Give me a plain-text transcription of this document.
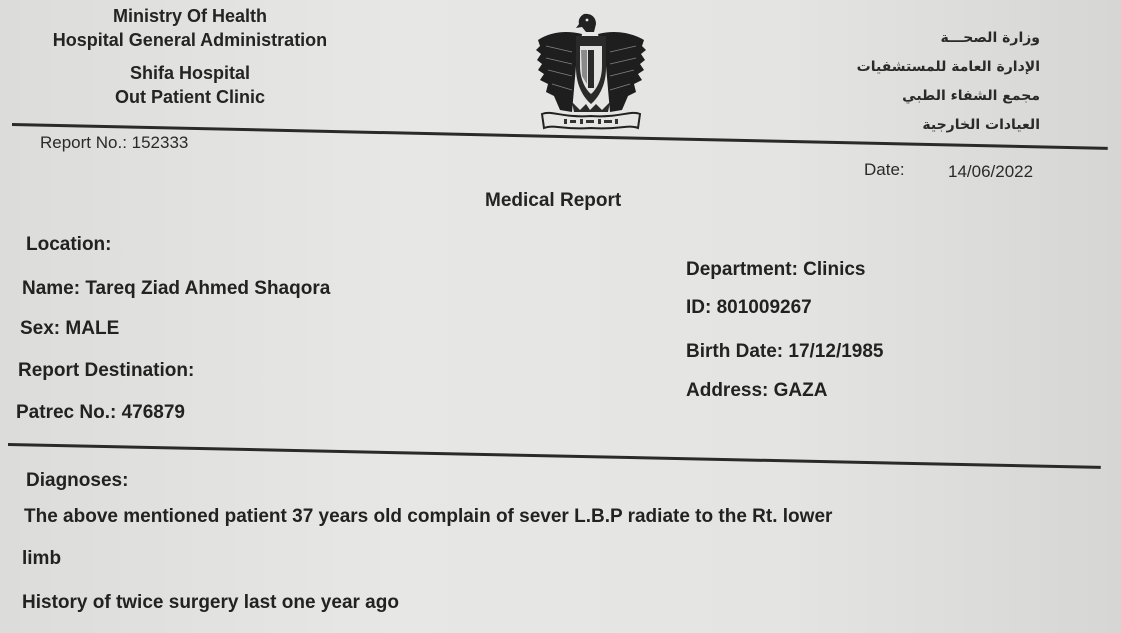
Ministry Of Health
Hospital General Administration
Shifa Hospital
Out Patient Clinic
وزارة الصحـــة
الإدارة العامة للمستشفيات
مجمع الشفاء الطبي
العيادات الخارجية
Report No.: 152333
Date:	14/06/2022
Medical Report
Location:
Name: Tareq Ziad Ahmed Shaqora
Sex: MALE
Report Destination:
Patrec No.: 476879
Department: Clinics
ID: 801009267
Birth Date: 17/12/1985
Address: GAZA
Diagnoses:
The above mentioned patient 37 years old complain of sever L.B.P radiate to the Rt. lower
limb
History of twice surgery last one year ago
